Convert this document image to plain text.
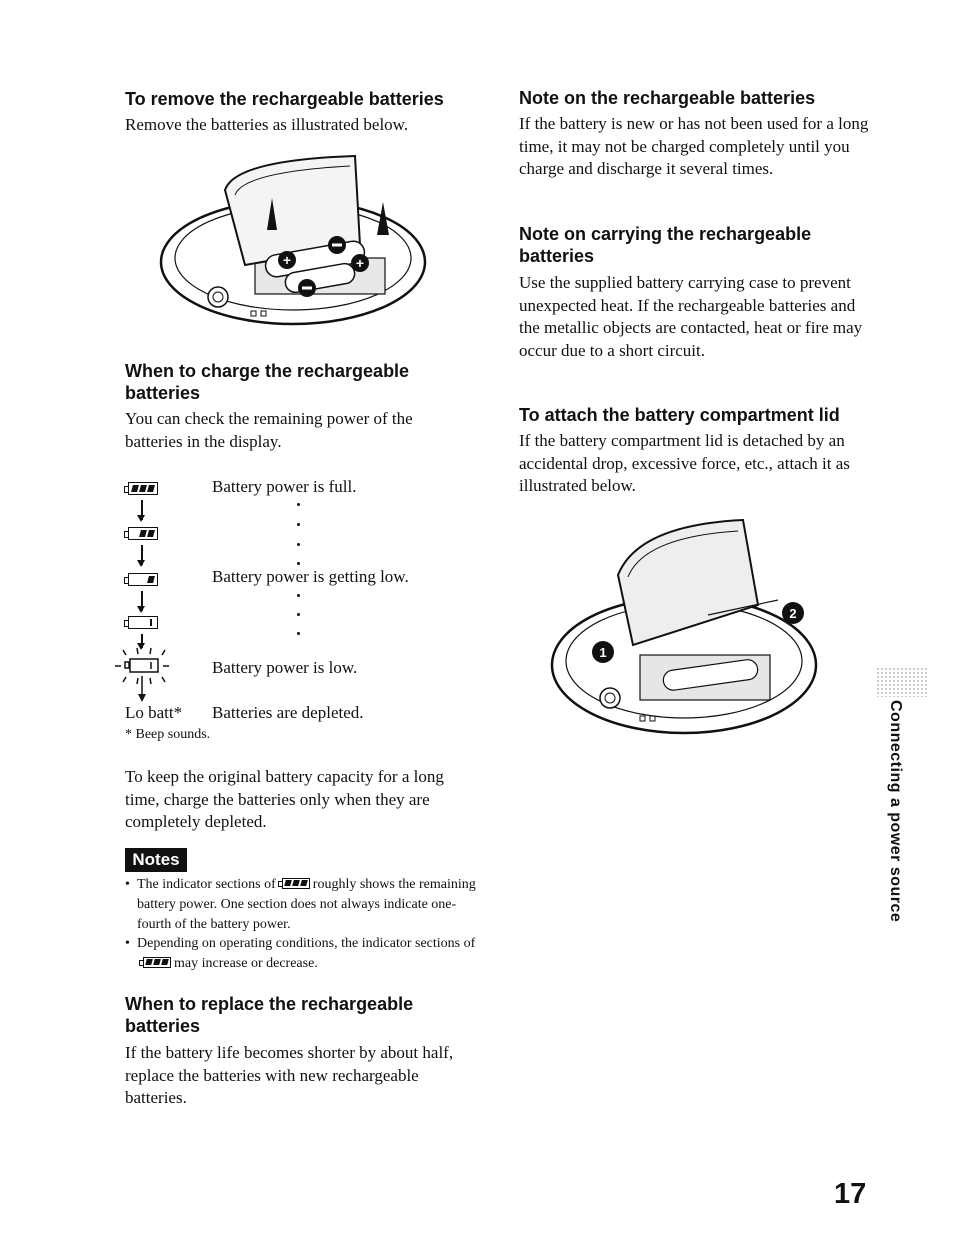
To remove the rechargeable batteries

Remove the batteries as illustrated below.

+	+
When to charge the rechargeable batteries

You can check the remaining power of the batteries in the display.

Battery power is full.
Battery power is getting low.
Battery power is low.
Lo batt* Batteries are depleted.
* Beep sounds.

To keep the original battery capacity for a long time, charge the batteries only when they are completely depleted.

Notes
• The indicator sections of	roughly shows the remaining battery power. One section does not always indicate one-fourth of the battery power.
• Depending on operating conditions, the indicator sections of
may increase or decrease.
When to replace the rechargeable batteries

If the battery life becomes shorter by about half, replace the batteries with new rechargeable batteries.

Note on the rechargeable batteries

If the battery is new or has not been used for a long time, it may not be charged completely until you charge and discharge it several times.

Note on carrying the rechargeable batteries

Use the supplied battery carrying case to prevent unexpected heat. If the rechargeable batteries and the metallic objects are contacted, heat or fire may occur due to a short circuit.

To attach the battery compartment lid

If the battery compartment lid is detached by an accidental drop, excessive force, etc., attach it as illustrated below.

1
2
Connecting a power source
17
